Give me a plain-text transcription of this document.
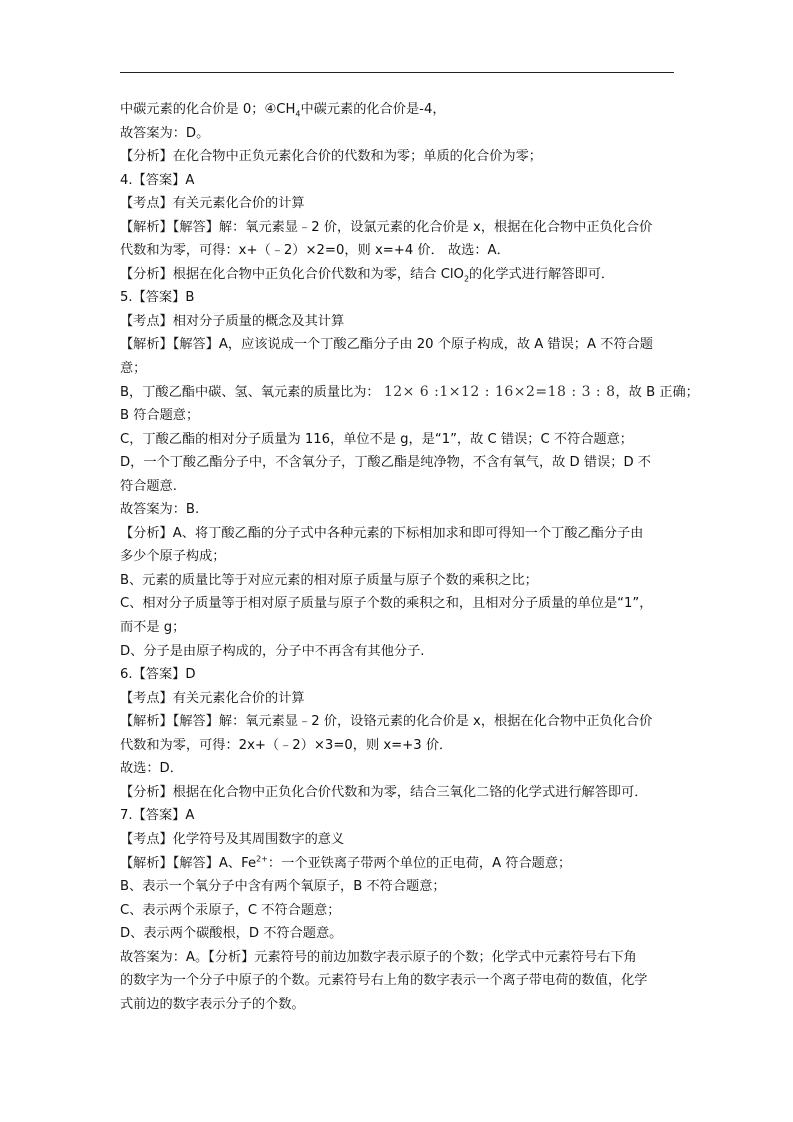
中碳元素的化合价是 0；$④CH_4$中碳元素的化合价是-4，
故答案为：D。
【分析】在化合物中正负元素化合价的代数和为零；单质的化合价为零；
4.【答案】A
【考点】有关元素化合价的计算
【解析】【解答】解：氧元素显﹣2 价，设氯元素的化合价是 x，根据在化合物中正负化合价
代数和为零，可得：x+（﹣2）×2=0，则 x=+4 价． 故选：A．
【分析】根据在化合物中正负化合价代数和为零，结合 ClO$_2$的化学式进行解答即可．
5.【答案】B
【考点】相对分子质量的概念及其计算
【解析】【解答】A，应该说成一个丁酸乙酯分子由 20 个原子构成，故 A 错误；A 不符合题
意；
B，丁酸乙酯中碳、氢、氧元素的质量比为： 12× 6 :1×12 : 16×2=18 : 3 : 8，故 B 正确；
B 符合题意；
C，丁酸乙酯的相对分子质量为 116，单位不是 g，是“1”，故 C 错误；C 不符合题意；
D，一个丁酸乙酯分子中，不含氧分子，丁酸乙酯是纯净物，不含有氧气，故 D 错误；D 不
符合题意.
故答案为：B.
【分析】A、将丁酸乙酯的分子式中各种元素的下标相加求和即可得知一个丁酸乙酯分子由
多少个原子构成；
B、元素的质量比等于对应元素的相对原子质量与原子个数的乘积之比；
C、相对分子质量等于相对原子质量与原子个数的乘积之和，且相对分子质量的单位是“1”，
而不是 g；
D、分子是由原子构成的，分子中不再含有其他分子.
6.【答案】D
【考点】有关元素化合价的计算
【解析】【解答】解：氧元素显﹣2 价，设铬元素的化合价是 x，根据在化合物中正负化合价
代数和为零，可得：2x+（﹣2）×3=0，则 x=+3 价．
故选：D．
【分析】根据在化合物中正负化合价代数和为零，结合三氧化二铬的化学式进行解答即可．
7.【答案】A
【考点】化学符号及其周围数字的意义
【解析】【解答】A、$Fe^{2+}$：一个亚铁离子带两个单位的正电荷，A 符合题意；
B、表示一个氧分子中含有两个氧原子，B 不符合题意；
C、表示两个汞原子，C 不符合题意；
D、表示两个碳酸根，D 不符合题意。
故答案为：A。【分析】元素符号的前边加数字表示原子的个数；化学式中元素符号右下角
的数字为一个分子中原子的个数。元素符号右上角的数字表示一个离子带电荷的数值，化学
式前边的数字表示分子的个数。
